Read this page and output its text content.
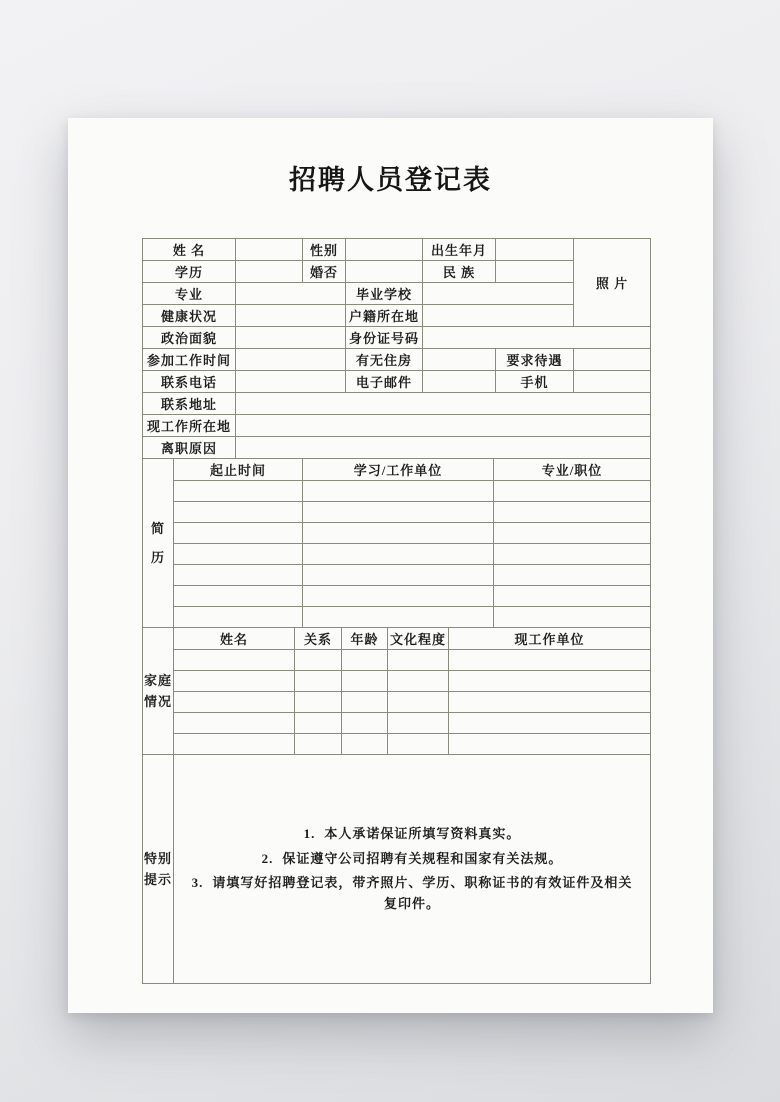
招聘人员登记表
姓 名		性别		出生年月		照 片
学历		婚否		民 族		
专业			毕业学校			
健康状况			户籍所在地			
政治面貌			身份证号码			
参加工作时间			有无住房		要求待遇	
联系电话			电子邮件		手机	
联系地址						
现工作所在地						
离职原因						
简
历	起止时间	学习/工作单位	专业/职位

家庭
情况	姓名	关系	年龄	文化程度	现工作单位

特别
提示	

1. 本人承诺保证所填写资料真实。

2. 保证遵守公司招聘有关规程和国家有关法规。

3. 请填写好招聘登记表，带齐照片、学历、职称证书的有效证件及相关复印件。
